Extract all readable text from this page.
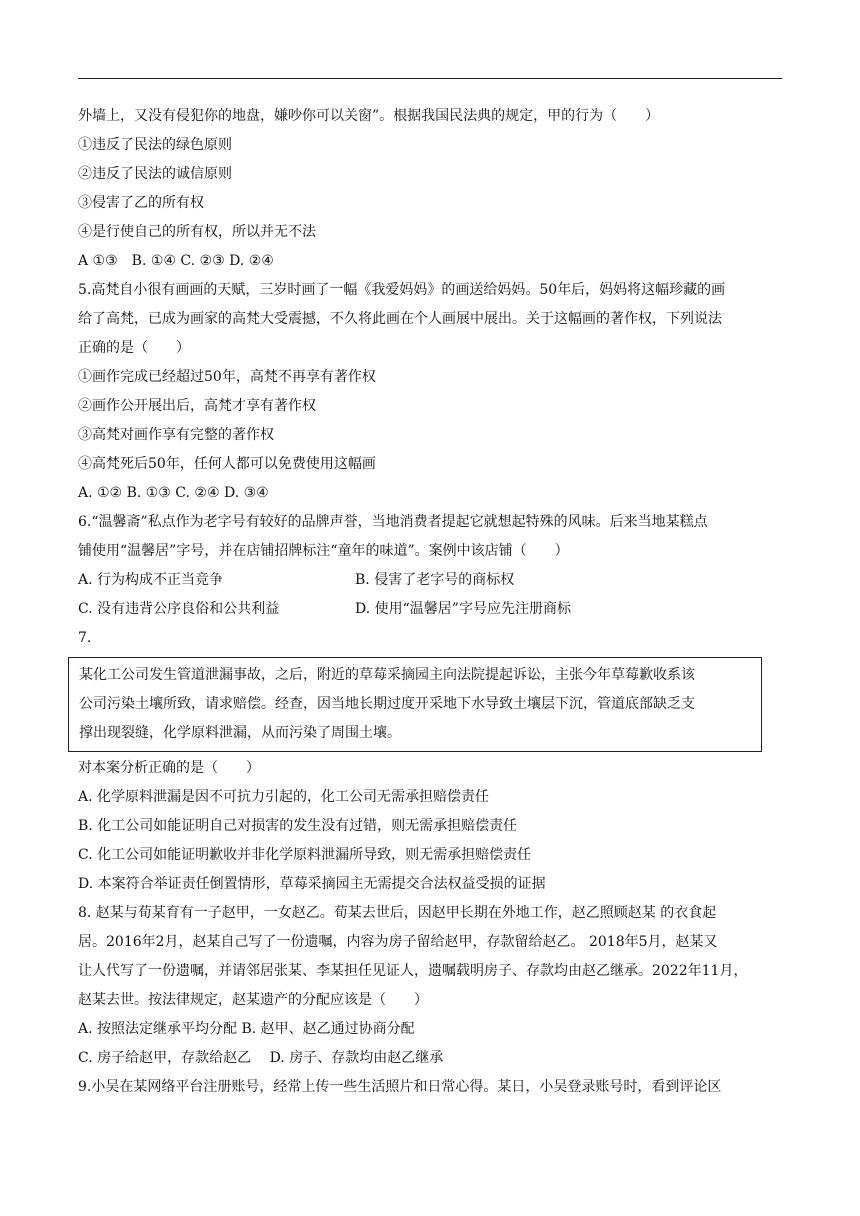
外墙上，又没有侵犯你的地盘，嫌吵你可以关窗”。根据我国民法典的规定，甲的行为（　　）
①违反了民法的绿色原则
②违反了民法的诚信原则
③侵害了乙的所有权
④是行使自己的所有权，所以并无不法
A ①③　B. ①④ C. ②③ D. ②④
5.高梵自小很有画画的天赋，三岁时画了一幅《我爱妈妈》的画送给妈妈。50年后，妈妈将这幅珍藏的画
给了高梵，已成为画家的高梵大受震撼，不久将此画在个人画展中展出。关于这幅画的著作权，下列说法
正确的是（　　）
①画作完成已经超过50年，高梵不再享有著作权
②画作公开展出后，高梵才享有著作权
③高梵对画作享有完整的著作权
④高梵死后50年，任何人都可以免费使用这幅画
A. ①② B. ①③ C. ②④ D. ③④
6.“温馨斋”私点作为老字号有较好的品牌声誉，当地消费者提起它就想起特殊的风味。后来当地某糕点
铺使用“温馨居”字号，并在店铺招牌标注“童年的味道”。案例中该店铺（　　）
A. 行为构成不正当竞争	B. 侵害了老字号的商标权
C. 没有违背公序良俗和公共利益	D. 使用“温馨居”字号应先注册商标
7.
某化工公司发生管道泄漏事故，之后，附近的草莓采摘园主向法院提起诉讼，主张今年草莓歉收系该
公司污染土壤所致，请求赔偿。经查，因当地长期过度开采地下水导致土壤层下沉，管道底部缺乏支
撑出现裂缝，化学原料泄漏，从而污染了周围土壤。
对本案分析正确的是（　　）
A. 化学原料泄漏是因不可抗力引起的，化工公司无需承担赔偿责任
B. 化工公司如能证明自己对损害的发生没有过错，则无需承担赔偿责任
C. 化工公司如能证明歉收并非化学原料泄漏所导致，则无需承担赔偿责任
D. 本案符合举证责任倒置情形，草莓采摘园主无需提交合法权益受损的证据
8. 赵某与荀某育有一子赵甲，一女赵乙。荀某去世后，因赵甲长期在外地工作，赵乙照顾赵某 的衣食起
居。2016年2月，赵某自己写了一份遗嘱，内容为房子留给赵甲，存款留给赵乙。 2018年5月，赵某又
让人代写了一份遗嘱，并请邻居张某、李某担任见证人，遗嘱载明房子、存款均由赵乙继承。2022年11月，
赵某去世。按法律规定，赵某遗产的分配应该是（　　）
A. 按照法定继承平均分配 B. 赵甲、赵乙通过协商分配
C. 房子给赵甲，存款给赵乙　 D. 房子、存款均由赵乙继承
9.小吴在某网络平台注册账号，经常上传一些生活照片和日常心得。某日，小吴登录账号时，看到评论区
